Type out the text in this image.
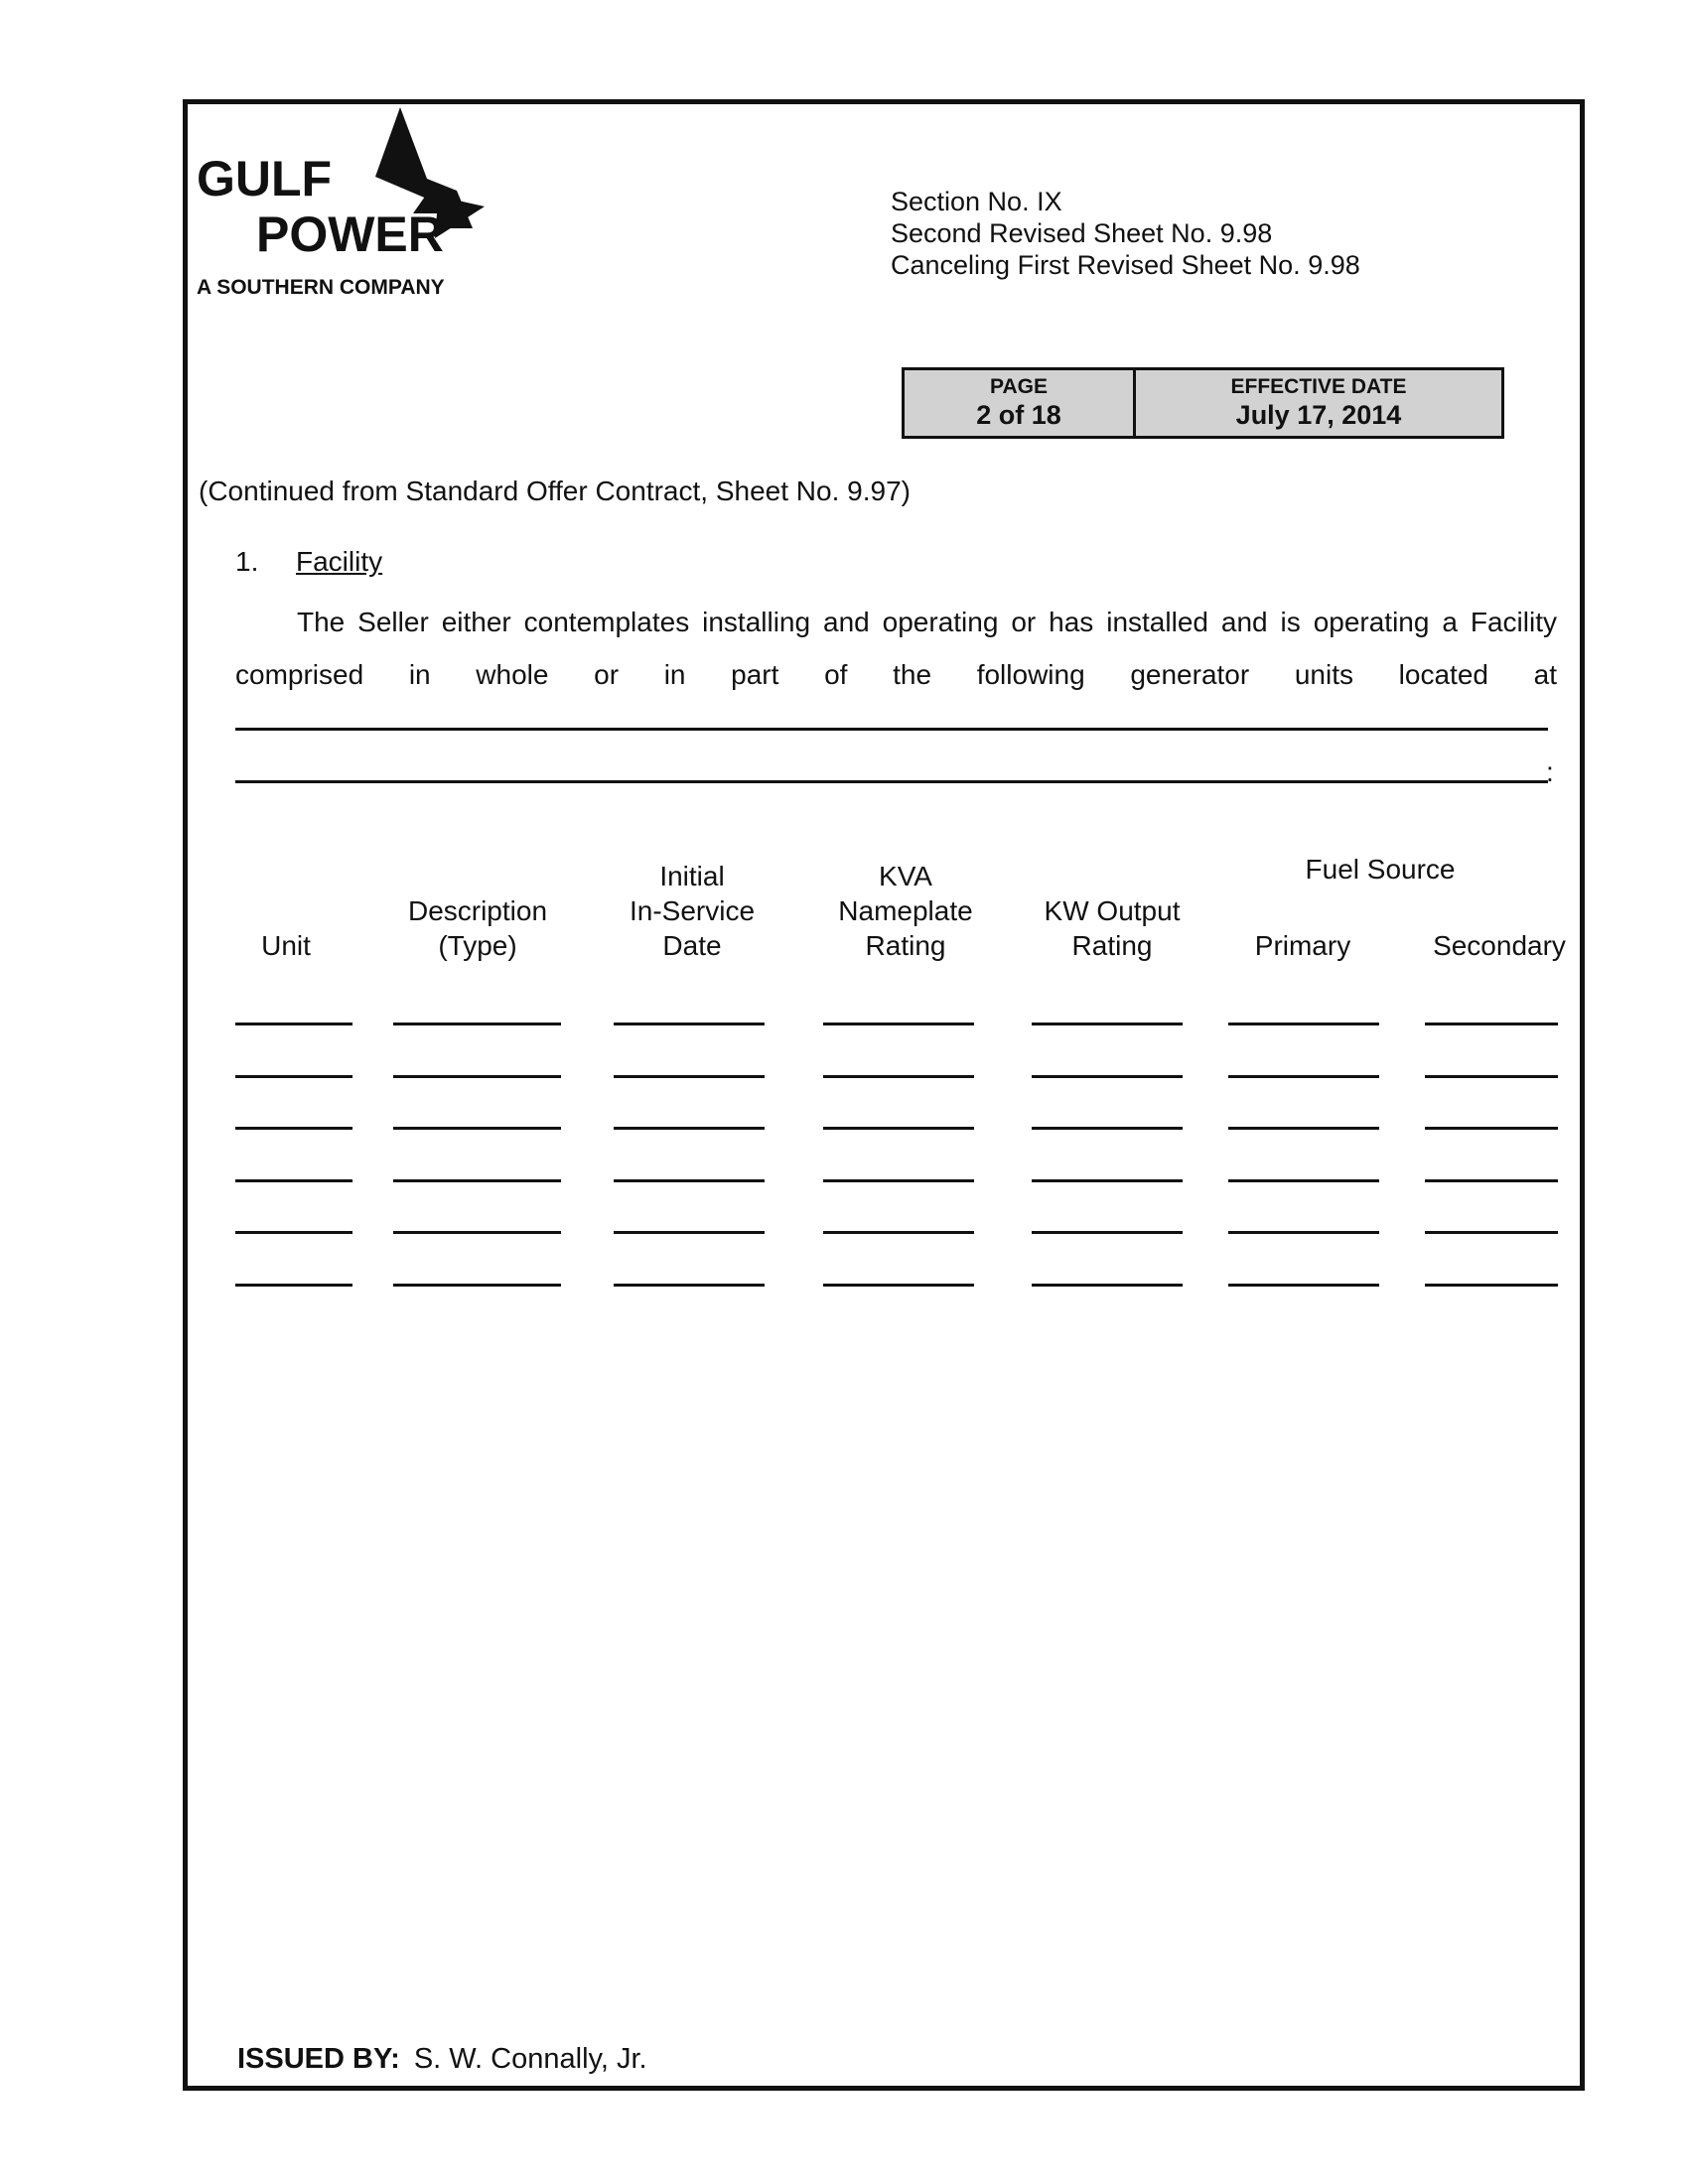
GULF
POWER
A SOUTHERN COMPANY
Section No. IX
Second Revised Sheet No. 9.98
Canceling First Revised Sheet No. 9.98
PAGE
2 of 18
EFFECTIVE DATE
July 17, 2014
(Continued from Standard Offer Contract, Sheet No. 9.97)
1. Facility
The Seller either contemplates installing and operating or has installed and is operating a Facility comprised in whole or in part of the following generator units located at
:
Fuel Source
Unit
Description
(Type)
Initial
In-Service
Date
KVA
Nameplate
Rating
KW Output
Rating	Primary	Secondary
ISSUED BY: S. W. Connally, Jr.
